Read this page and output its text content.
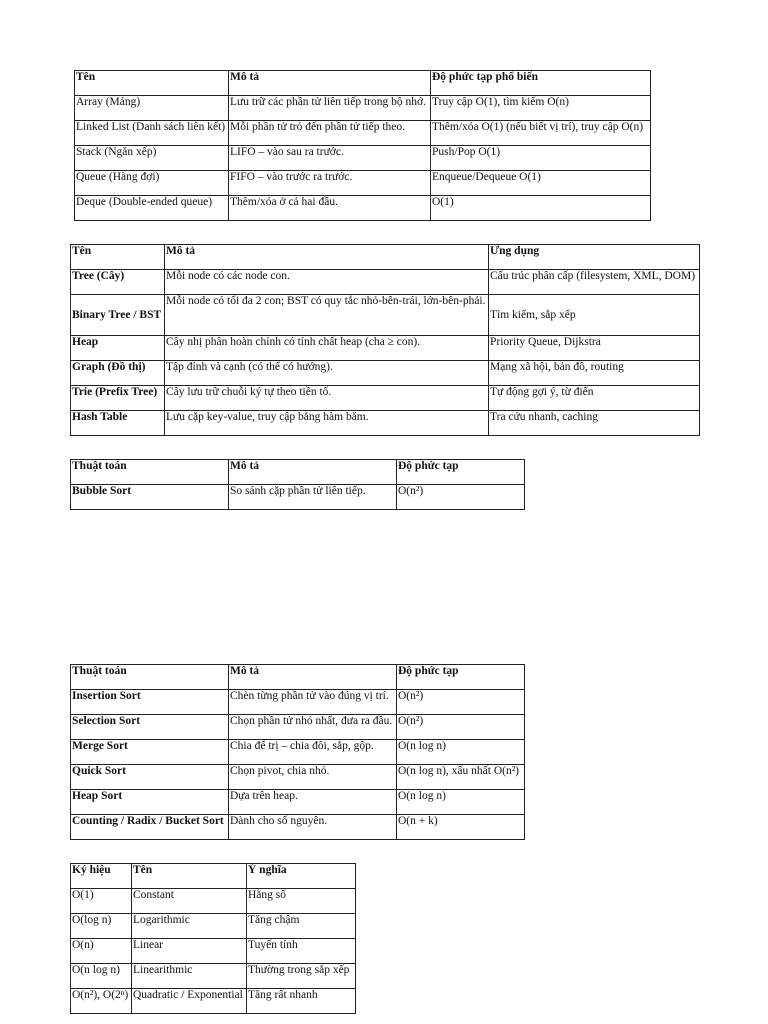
Tên	Mô tả	Độ phức tạp phổ biến
Array (Mảng)	Lưu trữ các phần tử liên tiếp trong bộ nhớ.	Truy cập O(1), tìm kiếm O(n)
Linked List (Danh sách liên kết)	Mỗi phần tử trỏ đến phần tử tiếp theo.	Thêm/xóa O(1) (nếu biết vị trí), truy cập O(n)
Stack (Ngăn xếp)	LIFO – vào sau ra trước.	Push/Pop O(1)
Queue (Hàng đợi)	FIFO – vào trước ra trước.	Enqueue/Dequeue O(1)
Deque (Double-ended queue)	Thêm/xóa ở cả hai đầu.	O(1)
Tên	Mô tả	Ứng dụng
Tree (Cây)	Mỗi node có các node con.	Cấu trúc phân cấp (filesystem, XML, DOM)
Binary Tree / BST	Mỗi node có tối đa 2 con; BST có quy tắc nhỏ-bên-trái, lớn-bên-phải.	Tìm kiếm, sắp xếp
Heap	Cây nhị phân hoàn chỉnh có tính chất heap (cha ≥ con).	Priority Queue, Dijkstra
Graph (Đồ thị)	Tập đỉnh và cạnh (có thể có hướng).	Mạng xã hội, bản đồ, routing
Trie (Prefix Tree)	Cây lưu trữ chuỗi ký tự theo tiền tố.	Tự động gợi ý, từ điển
Hash Table	Lưu cặp key-value, truy cập bằng hàm băm.	Tra cứu nhanh, caching
Thuật toán	Mô tả	Độ phức tạp
Bubble Sort	So sánh cặp phần tử liên tiếp.	O(n²)
Thuật toán	Mô tả	Độ phức tạp
Insertion Sort	Chèn từng phần tử vào đúng vị trí.	O(n²)
Selection Sort	Chọn phần tử nhỏ nhất, đưa ra đầu.	O(n²)
Merge Sort	Chia để trị – chia đôi, sắp, gộp.	O(n log n)
Quick Sort	Chọn pivot, chia nhỏ.	O(n log n), xấu nhất O(n²)
Heap Sort	Dựa trên heap.	O(n log n)
Counting / Radix / Bucket Sort	Dành cho số nguyên.	O(n + k)
Ký hiệu	Tên	Ý nghĩa
O(1)	Constant	Hằng số
O(log n)	Logarithmic	Tăng chậm
O(n)	Linear	Tuyến tính
O(n log n)	Linearithmic	Thường trong sắp xếp
O(n²), O(2ⁿ)	Quadratic / Exponential	Tăng rất nhanh
